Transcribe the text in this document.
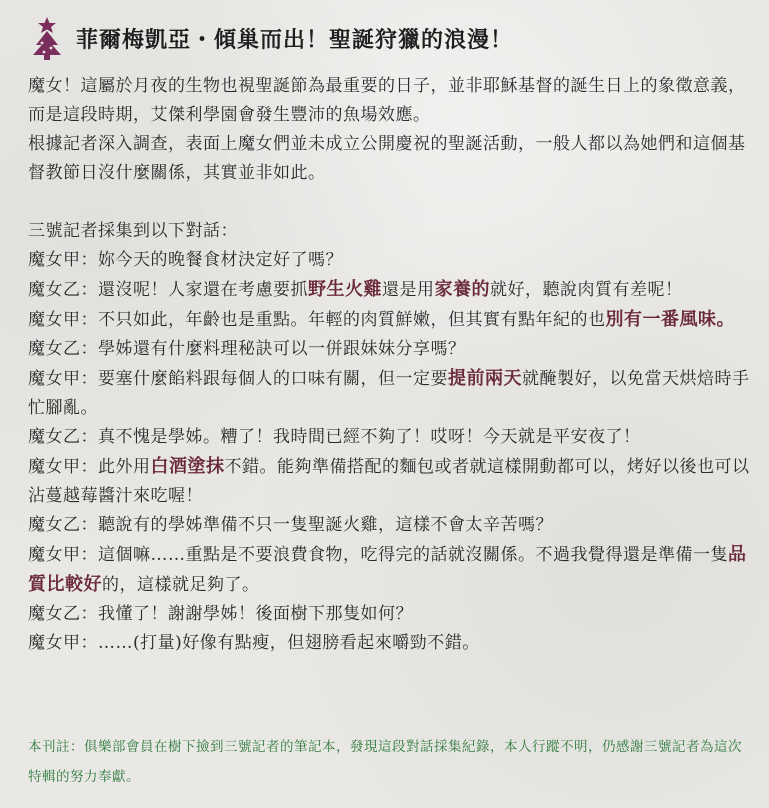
菲爾梅凱亞・傾巢而出！聖誕狩獵的浪漫！

魔女！這屬於月夜的生物也視聖誕節為最重要的日子，並非耶穌基督的誕生日上的象徵意義，而是這段時期，艾傑利學園會發生豐沛的魚場效應。

根據記者深入調查，表面上魔女們並未成立公開慶祝的聖誕活動，一般人都以為她們和這個基督教節日沒什麼關係，其實並非如此。

三號記者採集到以下對話：

魔女甲：妳今天的晚餐食材決定好了嗎？

魔女乙：還沒呢！人家還在考慮要抓野生火雞還是用家養的就好，聽說肉質有差呢！

魔女甲：不只如此，年齡也是重點。年輕的肉質鮮嫩，但其實有點年紀的也別有一番風味。

魔女乙：學姊還有什麼料理秘訣可以一併跟妹妹分享嗎？

魔女甲：要塞什麼餡料跟每個人的口味有關，但一定要提前兩天就醃製好，以免當天烘焙時手忙腳亂。

魔女乙：真不愧是學姊。糟了！我時間已經不夠了！哎呀！今天就是平安夜了！

魔女甲：此外用白酒塗抹不錯。能夠準備搭配的麵包或者就這樣開動都可以，烤好以後也可以沾蔓越莓醬汁來吃喔！

魔女乙：聽說有的學姊準備不只一隻聖誕火雞，這樣不會太辛苦嗎？

魔女甲：這個嘛……重點是不要浪費食物，吃得完的話就沒關係。不過我覺得還是準備一隻品質比較好的，這樣就足夠了。

魔女乙：我懂了！謝謝學姊！後面樹下那隻如何？

魔女甲：……(打量)好像有點瘦，但翅膀看起來嚼勁不錯。

本刊註：俱樂部會員在樹下撿到三號記者的筆記本，發現這段對話採集紀錄，本人行蹤不明，仍感謝三號記者為這次特輯的努力奉獻。
